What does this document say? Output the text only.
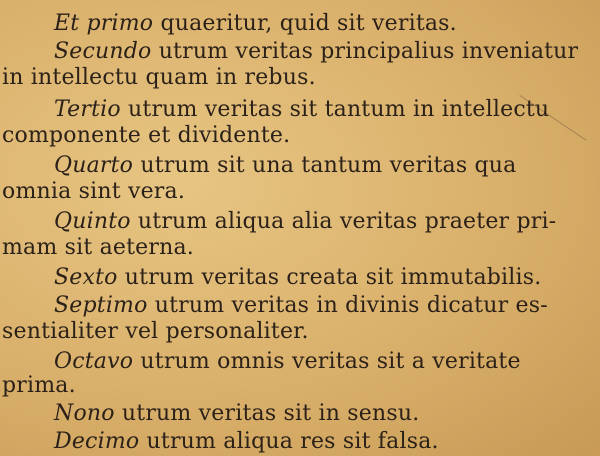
Et primo quaeritur, quid sit veritas.
Secundo utrum veritas principalius inveniatur
in intellectu quam in rebus.
Tertio utrum veritas sit tantum in intellectu
componente et dividente.
Quarto utrum sit una tantum veritas qua
omnia sint vera.
Quinto utrum aliqua alia veritas praeter pri-
mam sit aeterna.
Sexto utrum veritas creata sit immutabilis.
Septimo utrum veritas in divinis dicatur es-
sentialiter vel personaliter.
Octavo utrum omnis veritas sit a veritate
prima.
Nono utrum veritas sit in sensu.
Decimo utrum aliqua res sit falsa.
